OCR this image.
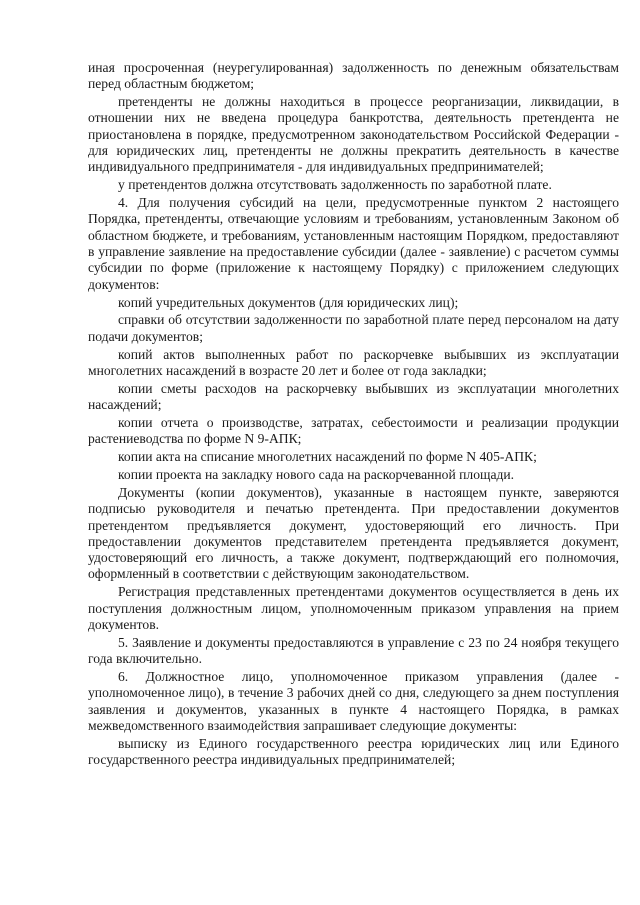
иная просроченная (неурегулированная) задолженность по денежным обязательствам перед областным бюджетом;

претенденты не должны находиться в процессе реорганизации, ликвидации, в отношении них не введена процедура банкротства, деятельность претендента не приостановлена в порядке, предусмотренном законодательством Российской Федерации - для юридических лиц, претенденты не должны прекратить деятельность в качестве индивидуального предпринимателя - для индивидуальных предпринимателей;

у претендентов должна отсутствовать задолженность по заработной плате.

4. Для получения субсидий на цели, предусмотренные пунктом 2 настоящего Порядка, претенденты, отвечающие условиям и требованиям, установленным Законом об областном бюджете, и требованиям, установленным настоящим Порядком, предоставляют в управление заявление на предоставление субсидии (далее - заявление) с расчетом суммы субсидии по форме (приложение к настоящему Порядку) с приложением следующих документов:

копий учредительных документов (для юридических лиц);

справки об отсутствии задолженности по заработной плате перед персоналом на дату подачи документов;

копий актов выполненных работ по раскорчевке выбывших из эксплуатации многолетних насаждений в возрасте 20 лет и более от года закладки;

копии сметы расходов на раскорчевку выбывших из эксплуатации многолетних насаждений;

копии отчета о производстве, затратах, себестоимости и реализации продукции растениеводства по форме N 9-АПК;

копии акта на списание многолетних насаждений по форме N 405-АПК;

копии проекта на закладку нового сада на раскорчеванной площади.

Документы (копии документов), указанные в настоящем пункте, заверяются подписью руководителя и печатью претендента. При предоставлении документов претендентом предъявляется документ, удостоверяющий его личность. При предоставлении документов представителем претендента предъявляется документ, удостоверяющий его личность, а также документ, подтверждающий его полномочия, оформленный в соответствии с действующим законодательством.

Регистрация представленных претендентами документов осуществляется в день их поступления должностным лицом, уполномоченным приказом управления на прием документов.

5. Заявление и документы предоставляются в управление с 23 по 24 ноября текущего года включительно.

6. Должностное лицо, уполномоченное приказом управления (далее - уполномоченное лицо), в течение 3 рабочих дней со дня, следующего за днем поступления заявления и документов, указанных в пункте 4 настоящего Порядка, в рамках межведомственного взаимодействия запрашивает следующие документы:

выписку из Единого государственного реестра юридических лиц или Единого государственного реестра индивидуальных предпринимателей;
